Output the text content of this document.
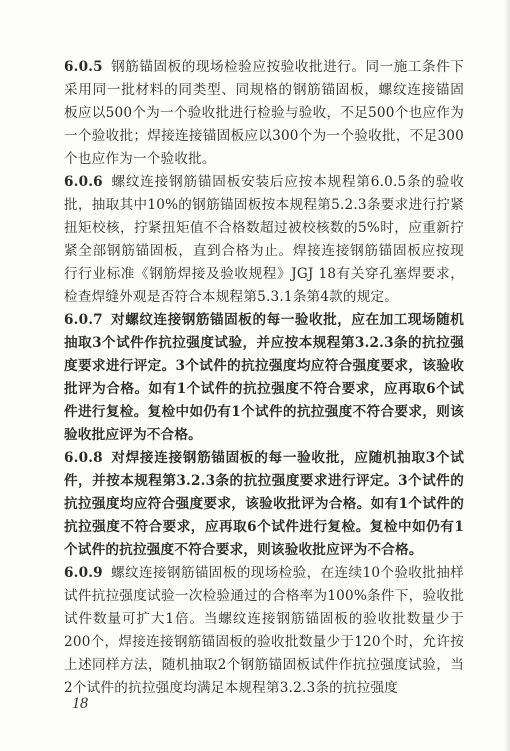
6.0.5 钢筋锚固板的现场检验应按验收批进行。同一施工条件下采用同一批材料的同类型、同规格的钢筋锚固板，螺纹连接锚固板应以500个为一个验收批进行检验与验收，不足500个也应作为一个验收批；焊接连接锚固板应以300个为一个验收批，不足300个也应作为一个验收批。

6.0.6 螺纹连接钢筋锚固板安装后应按本规程第6.0.5条的验收批，抽取其中10%的钢筋锚固板按本规程第5.2.3条要求进行拧紧扭矩校核，拧紧扭矩值不合格数超过被校核数的5%时，应重新拧紧全部钢筋锚固板，直到合格为止。焊接连接钢筋锚固板应按现行行业标准《钢筋焊接及验收规程》JGJ 18有关穿孔塞焊要求，检查焊缝外观是否符合本规程第5.3.1条第4款的规定。

6.0.7 对螺纹连接钢筋锚固板的每一验收批，应在加工现场随机抽取3个试件作抗拉强度试验，并应按本规程第3.2.3条的抗拉强度要求进行评定。3个试件的抗拉强度均应符合强度要求，该验收批评为合格。如有1个试件的抗拉强度不符合要求，应再取6个试件进行复检。复检中如仍有1个试件的抗拉强度不符合要求，则该验收批应评为不合格。

6.0.8 对焊接连接钢筋锚固板的每一验收批，应随机抽取3个试件，并按本规程第3.2.3条的抗拉强度要求进行评定。3个试件的抗拉强度均应符合强度要求，该验收批评为合格。如有1个试件的抗拉强度不符合要求，应再取6个试件进行复检。复检中如仍有1个试件的抗拉强度不符合要求，则该验收批应评为不合格。

6.0.9 螺纹连接钢筋锚固板的现场检验，在连续10个验收批抽样试件抗拉强度试验一次检验通过的合格率为100%条件下，验收批试件数量可扩大1倍。当螺纹连接钢筋锚固板的验收批数量少于200个，焊接连接钢筋锚固板的验收批数量少于120个时，允许按上述同样方法，随机抽取2个钢筋锚固板试件作抗拉强度试验，当2个试件的抗拉强度均满足本规程第3.2.3条的抗拉强度

18
